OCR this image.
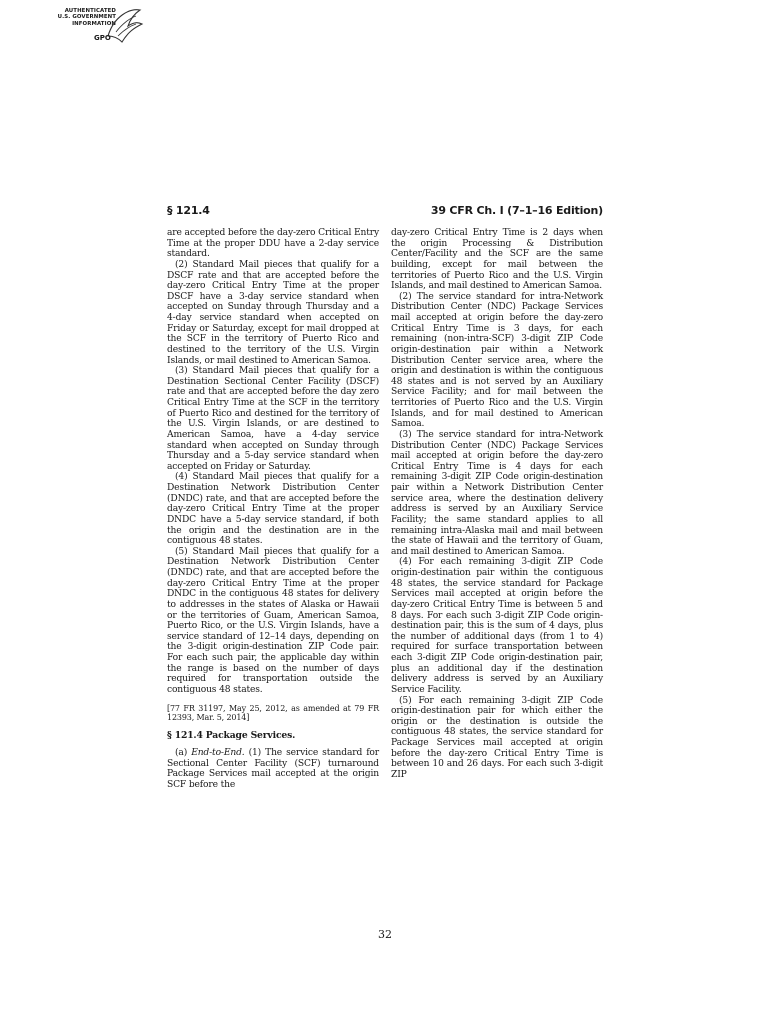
AUTHENTICATED
U.S. GOVERNMENT
INFORMATION
GPO
§ 121.4	39 CFR Ch. I (7–1–16 Edition)

are accepted before the day-zero Critical Entry Time at the proper DDU have a 2-day service standard.

(2) Standard Mail pieces that qualify for a DSCF rate and that are accepted before the day-zero Critical Entry Time at the proper DSCF have a 3-day service standard when accepted on Sunday through Thursday and a 4-day service standard when accepted on Friday or Saturday, except for mail dropped at the SCF in the territory of Puerto Rico and destined to the territory of the U.S. Virgin Islands, or mail destined to American Samoa.

(3) Standard Mail pieces that qualify for a Destination Sectional Center Facility (DSCF) rate and that are accepted before the day zero Critical Entry Time at the SCF in the territory of Puerto Rico and destined for the territory of the U.S. Virgin Islands, or are destined to American Samoa, have a 4-day service standard when accepted on Sunday through Thursday and a 5-day service standard when accepted on Friday or Saturday.

(4) Standard Mail pieces that qualify for a Destination Network Distribution Center (DNDC) rate, and that are accepted before the day-zero Critical Entry Time at the proper DNDC have a 5-day service standard, if both the origin and the destination are in the contiguous 48 states.

(5) Standard Mail pieces that qualify for a Destination Network Distribution Center (DNDC) rate, and that are accepted before the day-zero Critical Entry Time at the proper DNDC in the contiguous 48 states for delivery to addresses in the states of Alaska or Hawaii or the territories of Guam, American Samoa, Puerto Rico, or the U.S. Virgin Islands, have a service standard of 12–14 days, depending on the 3-digit origin-destination ZIP Code pair. For each such pair, the applicable day within the range is based on the number of days required for transportation outside the contiguous 48 states.

[77 FR 31197, May 25, 2012, as amended at 79 FR 12393, Mar. 5, 2014]

§ 121.4 Package Services.

(a) End-to-End. (1) The service standard for Sectional Center Facility (SCF) turnaround Package Services mail accepted at the origin SCF before the

day-zero Critical Entry Time is 2 days when the origin Processing & Distribution Center/Facility and the SCF are the same building, except for mail between the territories of Puerto Rico and the U.S. Virgin Islands, and mail destined to American Samoa.

(2) The service standard for intra-Network Distribution Center (NDC) Package Services mail accepted at origin before the day-zero Critical Entry Time is 3 days, for each remaining (non-intra-SCF) 3-digit ZIP Code origin-destination pair within a Network Distribution Center service area, where the origin and destination is within the contiguous 48 states and is not served by an Auxiliary Service Facility; and for mail between the territories of Puerto Rico and the U.S. Virgin Islands, and for mail destined to American Samoa.

(3) The service standard for intra-Network Distribution Center (NDC) Package Services mail accepted at origin before the day-zero Critical Entry Time is 4 days for each remaining 3-digit ZIP Code origin-destination pair within a Network Distribution Center service area, where the destination delivery address is served by an Auxiliary Service Facility; the same standard applies to all remaining intra-Alaska mail and mail between the state of Hawaii and the territory of Guam, and mail destined to American Samoa.

(4) For each remaining 3-digit ZIP Code origin-destination pair within the contiguous 48 states, the service standard for Package Services mail accepted at origin before the day-zero Critical Entry Time is between 5 and 8 days. For each such 3-digit ZIP Code origin-destination pair, this is the sum of 4 days, plus the number of additional days (from 1 to 4) required for surface transportation between each 3-digit ZIP Code origin-destination pair, plus an additional day if the destination delivery address is served by an Auxiliary Service Facility.

(5) For each remaining 3-digit ZIP Code origin-destination pair for which either the origin or the destination is outside the contiguous 48 states, the service standard for Package Services mail accepted at origin before the day-zero Critical Entry Time is between 10 and 26 days. For each such 3-digit ZIP

32
